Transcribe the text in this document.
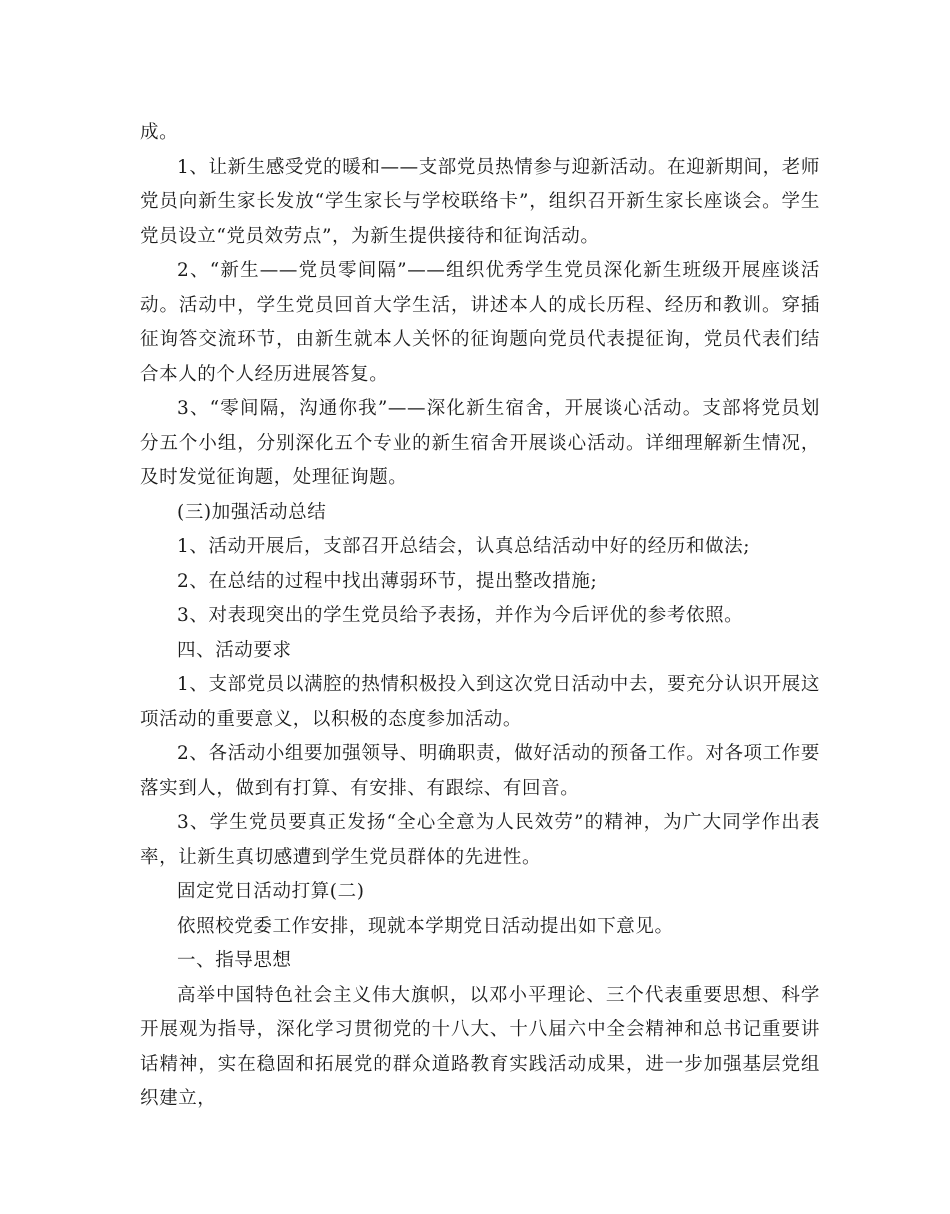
成。

1、让新生感受党的暖和——支部党员热情参与迎新活动。在迎新期间，老师党员向新生家长发放“学生家长与学校联络卡”，组织召开新生家长座谈会。学生党员设立“党员效劳点”，为新生提供接待和征询活动。

2、“新生——党员零间隔”——组织优秀学生党员深化新生班级开展座谈活动。活动中，学生党员回首大学生活，讲述本人的成长历程、经历和教训。穿插征询答交流环节，由新生就本人关怀的征询题向党员代表提征询，党员代表们结合本人的个人经历进展答复。

3、“零间隔，沟通你我”——深化新生宿舍，开展谈心活动。支部将党员划分五个小组，分别深化五个专业的新生宿舍开展谈心活动。详细理解新生情况，及时发觉征询题，处理征询题。

(三)加强活动总结

1、活动开展后，支部召开总结会，认真总结活动中好的经历和做法;

2、在总结的过程中找出薄弱环节，提出整改措施;

3、对表现突出的学生党员给予表扬，并作为今后评优的参考依照。

四、活动要求

1、支部党员以满腔的热情积极投入到这次党日活动中去，要充分认识开展这项活动的重要意义，以积极的态度参加活动。

2、各活动小组要加强领导、明确职责，做好活动的预备工作。对各项工作要落实到人，做到有打算、有安排、有跟综、有回音。

3、学生党员要真正发扬“全心全意为人民效劳”的精神，为广大同学作出表率，让新生真切感遭到学生党员群体的先进性。

固定党日活动打算(二)

依照校党委工作安排，现就本学期党日活动提出如下意见。

一、指导思想

高举中国特色社会主义伟大旗帜，以邓小平理论、三个代表重要思想、科学开展观为指导，深化学习贯彻党的十八大、十八届六中全会精神和总书记重要讲话精神，实在稳固和拓展党的群众道路教育实践活动成果，进一步加强基层党组织建立，
